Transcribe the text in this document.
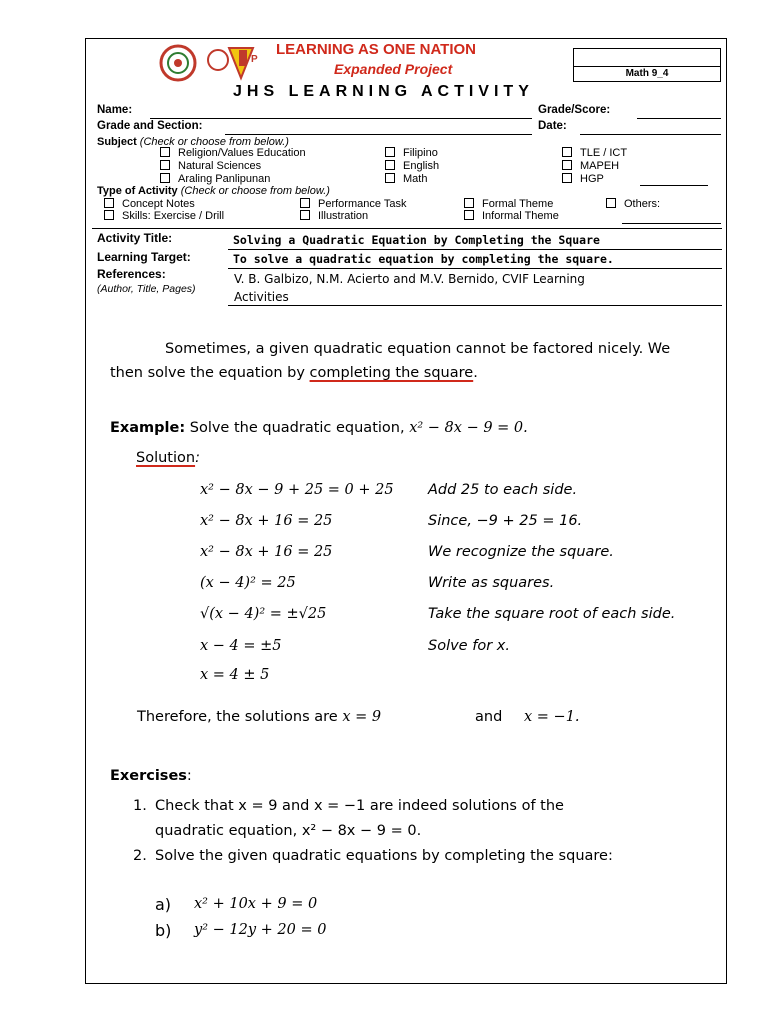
P
LEARNING AS ONE NATION
Expanded Project
JHS LEARNING ACTIVITY
Math 9_4
Name:	Grade/Score:
Grade and Section:	Date:
Subject (Check or choose from below.)
Religion/Values Education
Natural Sciences
Araling Panlipunan
Filipino
English
Math
TLE / ICT
MAPEH
HGP
Type of Activity (Check or choose from below.)
Concept Notes
Skills: Exercise / Drill
Performance Task
Illustration
Formal Theme
Informal Theme
Others:
Activity Title:	Solving a Quadratic Equation by Completing the Square
Learning Target:	To solve a quadratic equation by completing the square.
References:
(Author, Title, Pages)
V. B. Galbizo, N.M. Acierto and M.V. Bernido, CVIF Learning
Activities
Sometimes, a given quadratic equation cannot be factored nicely. We
then solve the equation by completing the square.
Example: Solve the quadratic equation, x² − 8x − 9 = 0.
Solution:
x² − 8x − 9 + 25 = 0 + 25 Add 25 to each side.
x² − 8x + 16 = 25	Since, −9 + 25 = 16.
x² − 8x + 16 = 25	We recognize the square.
(x − 4)² = 25	Write as squares.
√(x − 4)² = ±√25	Take the square root of each side.
x − 4 = ±5	Solve for x.
x = 4 ± 5
Therefore, the solutions are x = 9	and x = −1.
Exercises:
1. Check that x = 9 and x = −1 are indeed solutions of the
quadratic equation, x² − 8x − 9 = 0.
2. Solve the given quadratic equations by completing the square:
a) x² + 10x + 9 = 0
b) y² − 12y + 20 = 0
